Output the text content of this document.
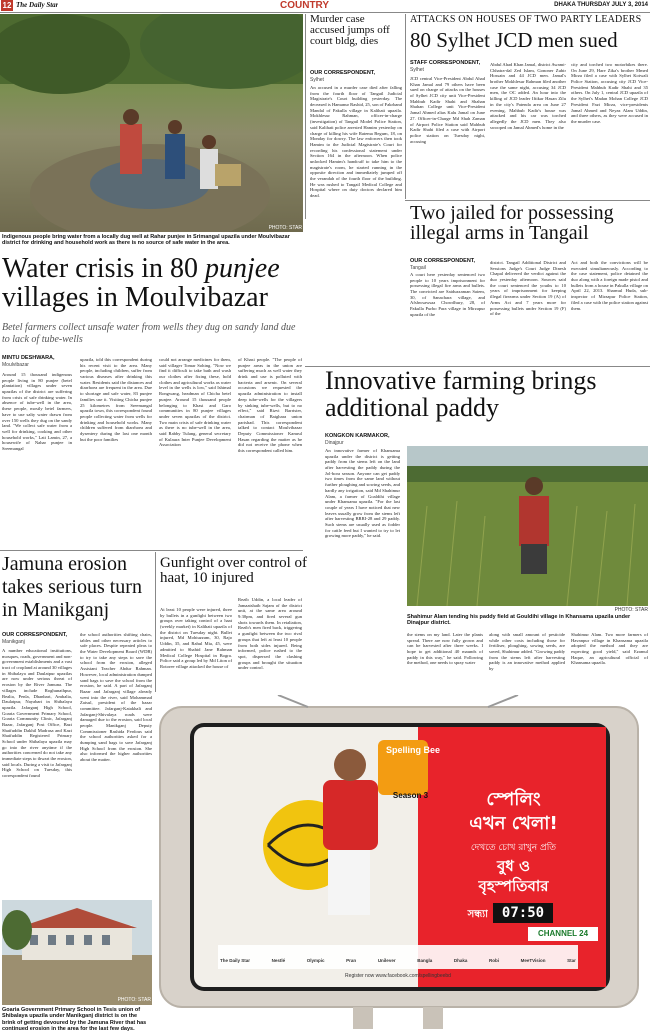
12 The Daily Star	COUNTRY	DHAKA THURSDAY JULY 3, 2014
PHOTO: STAR
Indigenous people bring water from a locally dug well at Rahar punjee in Srimangal upazila under Moulvibazar district for drinking and household work as there is no source of safe water in the area.
Water crisis in 80 punjee
villages in Moulvibazar
Betel farmers collect unsafe water from wells they dug on sandy land due to lack of tube-wells
MINTU DESHWARA,
Moulvibazar
Around 15 thousand indigenous people living in 80 punjee (betel plantation) villages under seven upazilas of the district are suffering from crisis of safe drinking water. In absence of tube-well in the area, these people, mostly betel farmers, have to use salty water drawn from over 150 wells they dug on the sandy land. "We collect safe water from a well for drinking, cooking and other household works," Lati Lamin, 27, a housewife of Nahar punjee in Sreemangal
upazila, told this correspondent during his recent visit to the area. Many people, including children, suffer from various diseases after drinking this water. Residents said the distances and diarrhoea are frequent in the area. Due to shortage and safe water, 83 punjee families use it. Visiting Chicha punjee 25 kilometres from Sreemangal upazila town, this correspondent found people collecting water from wells for drinking and household works. Many children suffered from diarrhoea and dysentery during the last one month but the poor families
could not arrange medicines for them, said villager Tomar Sohing. "Now we find it difficult to take bath and wash our clothes after fixing these, hold clothes and agricultural works as water level in the wells is low," said Ishimal Rongwang, headman of Chicha betel punjee. Around 15 thousand people belonging to Khasi and Garo communities in 80 punjee villages under seven upazilas of the district. Two main crisis of safe drinking water as there is no tube-well in the area, said Rabby Tulang, general secretary of Kulaura Inter Punjee Development Association
of Khasi people. "The people of punjee areas in the union are suffering much as well water they drink and use is polluted with bacteria and arsenic. On several occasions we requested the upazila administration to install deep tube-wells for the villagers by sinking tube-wells, but to no effect," said Rizvi Barrister, chairman of Baighara union parishad. This correspondent talked to contact Moulvibazar Deputy Commissioner Kamrul Hasan regarding the matter as he did not receive the phone when this correspondent called him.
Murder case accused jumps off court bldg, dies
OUR CORRESPONDENT,
Sylhet
An accused in a murder case died after falling from the fourth floor of Tangail Judicial Magistrate's Court building yesterday. The deceased is Hamanur Rashid, 25, son of Fakrband Mandal of Pakulla village in Kalihati upazila. Mokhlesur Rahman, officer-in-charge (investigation) of Tangail Model Police Station, said Kalihati police arrested Hamim yesterday on charge of killing his wife Ratema Begum, 18, on Monday for dowry. The law enforcers then took Hamim to the Judicial Magistrate's Court for recording his confessional statement under Section 164 in the afternoon. When police unlocked Hamim's handcuff to take him to the magistrate's room, he started running in the opposite direction and immediately jumped off the verandah of the fourth floor of the building. He was rushed to Tangail Medical College and Hospital where on duty doctors declared him dead.
ATTACKS ON HOUSES OF TWO PARTY LEADERS
80 Sylhet JCD men sued
STAFF CORRESPONDENT,
Sylhet
JCD central Vice-President Abdul Ahad Khan Jamal and 79 others have been sued on charge of attacks on the houses of Sylhet JCD city unit Vice-President Mahbub Kadir Shahi and Shahan Shahan College unit Vice-President Jamal Ahmed alias Kalu Jamal on June 27. Officer-in-Charge Md Shah Zaman of Airport Police Station said Mahbub Kadir Shahi filed a case with Airport police station on Tuesday night, accusing
Abdul Ahad Khan Jamal, district Awami-Chhatra-dal Zed Islam, Gononer Zubir Hossain and 44 JCD men. Jamal's brother Mokhlesur Rahman filed another case the same night, accusing 34 JCD men, the OC added. An hour into the killing of JCD leader Iftikar Hasan Zilu in the city's Patenda area on June 27 evening, Mahbub Kadir's house was attacked and his car was torched allegedly the JCD men. They also swooped on Jamal Ahmed's home in the
city and torched two motorbikes there. On June 29, Hare Zika's brother Mmed Mirza filed a case with Sylhet Kotwali Police Station, accusing city JCD Vice-President Mahbub Kadir Shahi and 35 others. On July 1, central JCD upazila of the Sylhet's Madan Mohan College JCD President Fazi Mirza, vice-presidents Jamal Ahmed and Neyaz Alam Uddin, and three others, as they were accused in the murder case.
Two jailed for possessing illegal arms in Tangail
OUR CORRESPONDENT,
Tangail
A court here yesterday sentenced two people to 10 years imprisonment for possessing illegal fire arms and bullets. The convicted are Saiduzzaman Saiem, 30, of Sanachara village, and Afshwsawsaa Chowdhury, 28, of Pakulla Purbo Para village in Mirzapur upazila of the
district. Tangail Additional District and Sessions Judge's Court Judge Dinesh Chapal delivered the verdict against the duo yesterday afternoon. Sources said the court sentenced the youths to 10 years of imprisonment for keeping illegal firearms under Section 19 (A) of Arms Act and 7 years more for possessing bullets under Section 19 (F) of the
Act and both the convictions will be executed simultaneously. According to the case statement, police detained the duo along with a foreign made pistol and bullets from a house in Pakulla village on April 22, 2013. Sharmul Huda, sub-inspector of Mirzapur Police Station, filed a case with the police station against them.
Innovative farming brings additional paddy
KONGKON KARMAKOR,
Dinajpur
An innovative farmer of Khansama upazila under the district is getting paddy from the stems left on the land after harvesting the paddy during the Jol-bora season. Anyone can get paddy two times from the same land without further ploughing and sowing seeds, and hardly any irrigation, said Md Shahimur Alam, a farmer of Goaldihi village under Khansama upazila. "For the last couple of years I have noticed that new leaves usually grow from the stems left after harvesting BRRI-28 and 29 paddy. Such stems are usually used as fodder for cattle feed but I wanted to try to let growing more paddy," he said.
PHOTO: STAR
Shahimur Alam tending his paddy field at Gouldihi village in Khansama upazila under Dinajpur district.
the stems on my land. Later the plants spread. There are now fully grown and can be harvested after three weeks. I hope to get additional 40 maunds of paddy in this way," he said. Following the method, one needs to spray water
along with small amount of pesticide while other costs including those for fertiliser, ploughing, sowing seeds, are saved, Shahimur added. "Growing paddy from the stems left after harvesting paddy is an innovative method applied by
Shahimur Alam. Two more farmers of Havanpur village in Khansama upazila adopted the method and they are expecting good yield," said Ezamul Haque, an agricultural official of Khansama upazila.
Jamuna erosion takes serious turn in Manikganj
OUR CORRESPONDENT,
Manikganj
A number educational institutions, mosques, roads, government and non-government establishments and a vast tract of cropland at around 30 villages in Shibalaya and Daulatpur upazilas are now under serious threat of erosion by the River Jamuna. The villages include Roghunathpur, Bealia, Penla, Dhanbari, Ambalia, Daulatpur, Nayabari in Shibalaya upazila. Jafarganj High School, Goaria Government Primary School, Goaria Community Clinic, Jafarganj Bazar, Jafarganj Post Office, Bazi Shaifuddin Dakhil Madrasa and Kazi Shaifuddin Registered Primary School under Shibalaya upazila may go into the river anytime if the authorities concerned do not take any immediate steps to thwart the erosion, said locals. During a visit to Jafarganj High School on Tuesday, this correspondent found
the school authorities shifting chairs, tables and other necessary articles to safe places. Despite repeated pleas to the Water Development Board (WDB) to try to take any steps to save the school from the erosion, alleged Assistant Teacher Abdur Rahman. However, local administration dumped sand bags to save the school from the erosion, he said. A part of Jafarganj Bazar and Jafarganj village already went into the river, said Mohammad Zaisul, president of the bazar committee. Jafarganj-Katakhali and Jafarganj-Shivalaya roads were damaged due to the erosion, said local people. Manikganj Deputy Commissioner Rashida Ferdous said the school authorities asked for a dumping sand bags to save Jafarganj High School from the erosion. She also informed the higher authorities about the matter.
PHOTO: STAR
Goaria Government Primary School in Tesis union of Shibalaya upazila under Manikganj district is on the brink of getting devoured by the Jamuna River that has continued erosion in the area for the last few days.
Gunfight over control of haat, 10 injured
At least 10 people were injured, three by bullets in a gunfight between two groups over taking control of a haat (weekly market) in Kalihati upazila of the district on Tuesday night. Bullet injured, Md Mohiuzzam, 30, Rajo Uddin, 35, and Rahul Mia, 45, were admitted to Shahid Jane Rahman Medical College Hospital in Bogra. Police said a group led by Md Liton of Rotoree village attacked the house of
Rezib Uddin, a local leader of Jamaatshaib Sajam of the district unit, at the same area around 9:30pm, and fired several gun shots towards them. In retaliation, Rezib's men fired back, triggering a gunfight between the two rival groups that left at least 10 people from both sides injured. Being informed, police rushed to the spot, dispersed the clashing groups and brought the situation under control.
Spelling Bee
Season 3	স্পেলিং
এখন খেলা!
দেখতে চোখ রাখুন প্রতি
বুধ ও
বৃহস্পতিবার
সন্ধ্যা 07:50
CHANNEL 24
The Daily Star	Nestlé	Olympic	Pran	Unilever	Bangla	Dhaka	Robi	MeeTVision	Star
Register now www.facebook.com/spellingbeebd
